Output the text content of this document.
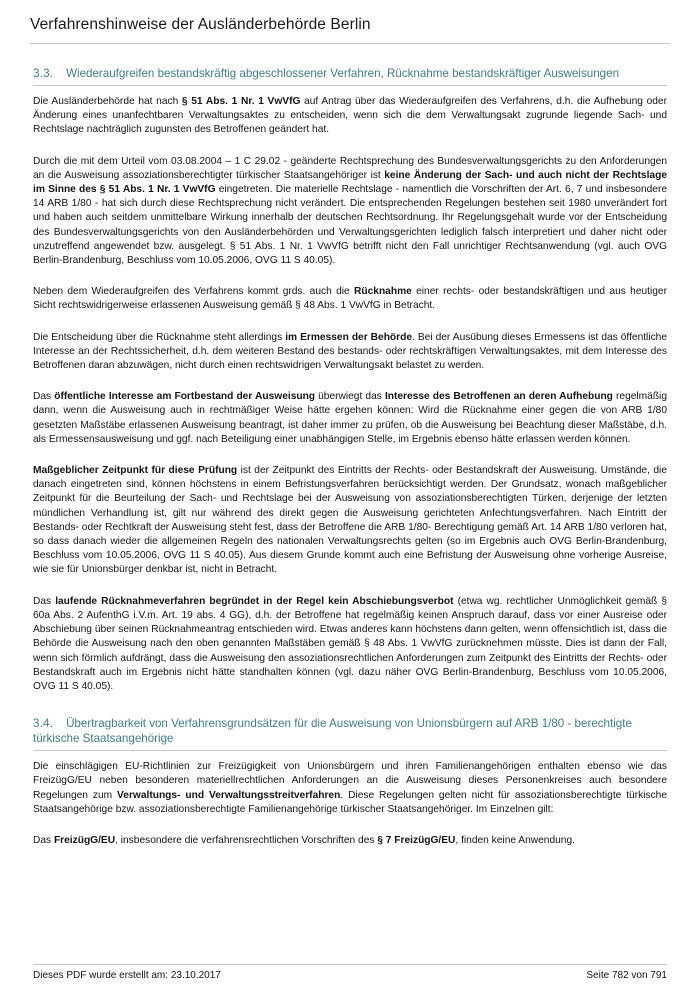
Verfahrenshinweise der Ausländerbehörde Berlin
3.3. Wiederaufgreifen bestandskräftig abgeschlossener Verfahren, Rücknahme bestandskräftiger Ausweisungen

Die Ausländerbehörde hat nach § 51 Abs. 1 Nr. 1 VwVfG auf Antrag über das Wiederaufgreifen des Verfahrens, d.h. die Aufhebung oder Änderung eines unanfechtbaren Verwaltungsaktes zu entscheiden, wenn sich die dem Verwaltungsakt zugrunde liegende Sach- und Rechtslage nachträglich zugunsten des Betroffenen geändert hat.

Durch die mit dem Urteil vom 03.08.2004 – 1 C 29.02 - geänderte Rechtsprechung des Bundesverwaltungsgerichts zu den Anforderungen an die Ausweisung assoziationsberechtigter türkischer Staatsangehöriger ist keine Änderung der Sach- und auch nicht der Rechtslage im Sinne des § 51 Abs. 1 Nr. 1 VwVfG eingetreten. Die materielle Rechtslage - namentlich die Vorschriften der Art. 6, 7 und insbesondere 14 ARB 1/80 - hat sich durch diese Rechtsprechung nicht verändert. Die entsprechenden Regelungen bestehen seit 1980 unverändert fort und haben auch seitdem unmittelbare Wirkung innerhalb der deutschen Rechtsordnung. Ihr Regelungsgehalt wurde vor der Entscheidung des Bundesverwaltungsgerichts von den Ausländerbehörden und Verwaltungsgerichten lediglich falsch interpretiert und daher nicht oder unzutreffend angewendet bzw. ausgelegt. § 51 Abs. 1 Nr. 1 VwVfG betrifft nicht den Fall unrichtiger Rechtsanwendung (vgl. auch OVG Berlin-Brandenburg, Beschluss vom 10.05.2006, OVG 11 S 40.05).

Neben dem Wiederaufgreifen des Verfahrens kommt grds. auch die Rücknahme einer rechts- oder bestandskräftigen und aus heutiger Sicht rechtswidrigerweise erlassenen Ausweisung gemäß § 48 Abs. 1 VwVfG in Betracht.

Die Entscheidung über die Rücknahme steht allerdings im Ermessen der Behörde. Bei der Ausübung dieses Ermessens ist das öffentliche Interesse an der Rechtssicherheit, d.h. dem weiteren Bestand des bestands- oder rechtskräftigen Verwaltungsaktes, mit dem Interesse des Betroffenen daran abzuwägen, nicht durch einen rechtswidrigen Verwaltungsakt belastet zu werden.

Das öffentliche Interesse am Fortbestand der Ausweisung überwiegt das Interesse des Betroffenen an deren Aufhebung regelmäßig dann, wenn die Ausweisung auch in rechtmäßiger Weise hätte ergehen können: Wird die Rücknahme einer gegen die von ARB 1/80 gesetzten Maßstäbe erlassenen Ausweisung beantragt, ist daher immer zu prüfen, ob die Ausweisung bei Beachtung dieser Maßstäbe, d.h. als Ermessensausweisung und ggf. nach Beteiligung einer unabhängigen Stelle, im Ergebnis ebenso hätte erlassen werden können.

Maßgeblicher Zeitpunkt für diese Prüfung ist der Zeitpunkt des Eintritts der Rechts- oder Bestandskraft der Ausweisung. Umstände, die danach eingetreten sind, können höchstens in einem Befristungsverfahren berücksichtigt werden. Der Grundsatz, wonach maßgeblicher Zeitpunkt für die Beurteilung der Sach- und Rechtslage bei der Ausweisung von assoziationsberechtigten Türken, derjenige der letzten mündlichen Verhandlung ist, gilt nur während des direkt gegen die Ausweisung gerichteten Anfechtungsverfahren. Nach Eintritt der Bestands- oder Rechtkraft der Ausweisung steht fest, dass der Betroffene die ARB 1/80- Berechtigung gemäß Art. 14 ARB 1/80 verloren hat, so dass danach wieder die allgemeinen Regeln des nationalen Verwaltungsrechts gelten (so im Ergebnis auch OVG Berlin-Brandenburg, Beschluss vom 10.05.2006, OVG 11 S 40.05). Aus diesem Grunde kommt auch eine Befristung der Ausweisung ohne vorherige Ausreise, wie sie für Unionsbürger denkbar ist, nicht in Betracht.

Das laufende Rücknahmeverfahren begründet in der Regel kein Abschiebungsverbot (etwa wg. rechtlicher Unmöglichkeit gemäß § 60a Abs. 2 AufenthG i.V.m. Art. 19 abs. 4 GG), d.h. der Betroffene hat regelmäßig keinen Anspruch darauf, dass vor einer Ausreise oder Abschiebung über seinen Rücknahmeantrag entschieden wird. Etwas anderes kann höchstens dann gelten, wenn offensichtlich ist, dass die Behörde die Ausweisung nach den oben genannten Maßstäben gemäß § 48 Abs. 1 VwVfG zurücknehmen müsste. Dies ist dann der Fall, wenn sich förmlich aufdrängt, dass die Ausweisung den assoziationsrechtlichen Anforderungen zum Zeitpunkt des Eintritts der Rechts- oder Bestandskraft auch im Ergebnis nicht hätte standhalten können (vgl. dazu näher OVG Berlin-Brandenburg, Beschluss vom 10.05.2006, OVG 11 S 40.05).

3.4. Übertragbarkeit von Verfahrensgrundsätzen für die Ausweisung von Unionsbürgern auf ARB 1/80 - berechtigte türkische Staatsangehörige

Die einschlägigen EU-Richtlinien zur Freizügigkeit von Unionsbürgern und ihren Familienangehörigen enthalten ebenso wie das FreizügG/EU neben besonderen materiellrechtlichen Anforderungen an die Ausweisung dieses Personenkreises auch besondere Regelungen zum Verwaltungs- und Verwaltungsstreitverfahren. Diese Regelungen gelten nicht für assoziationsberechtigte türkische Staatsangehörige bzw. assoziationsberechtigte Familienangehörige türkischer Staatsangehöriger. Im Einzelnen gilt:

Das FreizügG/EU, insbesondere die verfahrensrechtlichen Vorschriften des § 7 FreizügG/EU, finden keine Anwendung.

Dieses PDF wurde erstellt am: 23.10.2017	Seite 782 von 791
